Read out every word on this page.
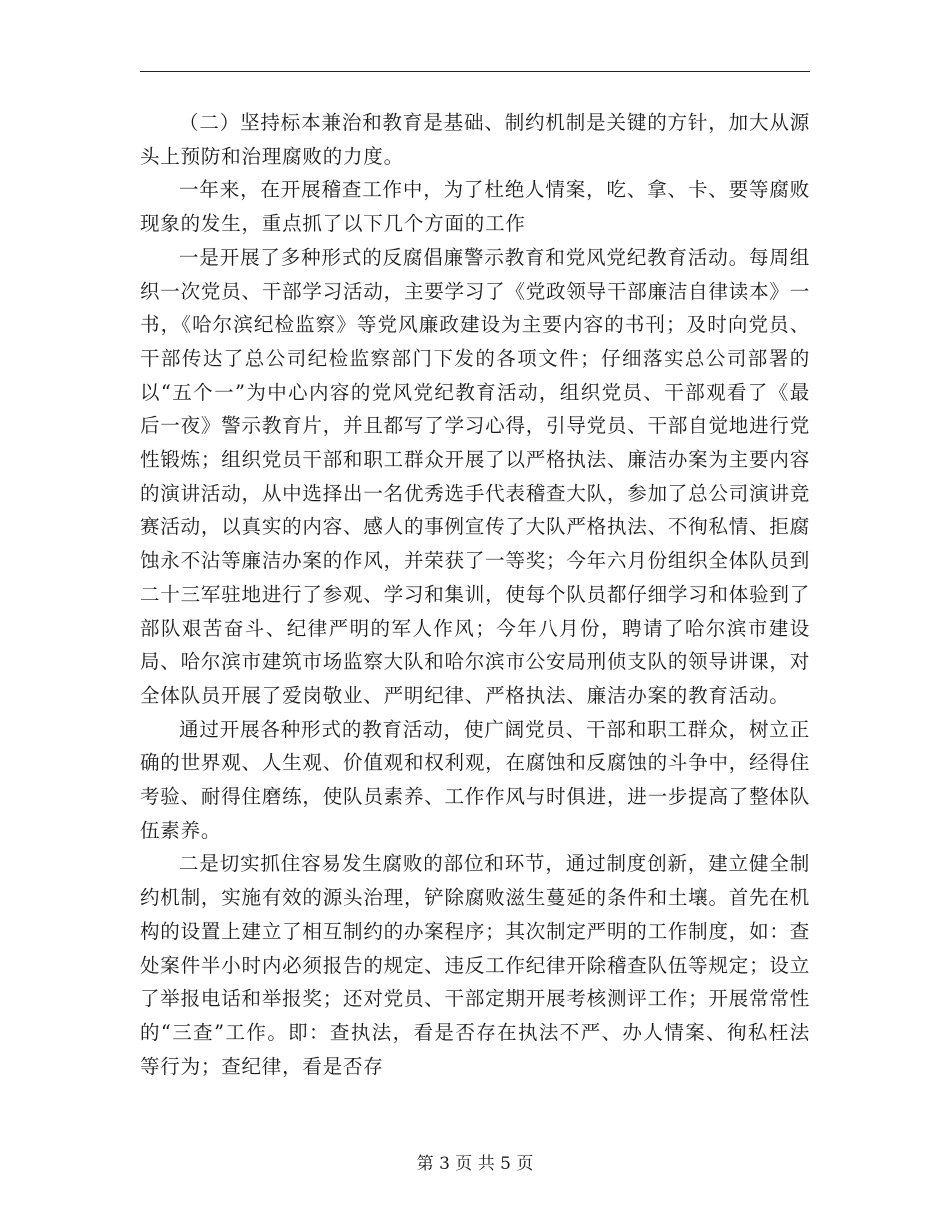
（二）坚持标本兼治和教育是基础、制约机制是关键的方针，加大从源头上预防和治理腐败的力度。

一年来，在开展稽查工作中，为了杜绝人情案，吃、拿、卡、要等腐败现象的发生，重点抓了以下几个方面的工作

一是开展了多种形式的反腐倡廉警示教育和党风党纪教育活动。每周组织一次党员、干部学习活动，主要学习了《党政领导干部廉洁自律读本》一书，《哈尔滨纪检监察》等党风廉政建设为主要内容的书刊；及时向党员、干部传达了总公司纪检监察部门下发的各项文件；仔细落实总公司部署的以“五个一”为中心内容的党风党纪教育活动，组织党员、干部观看了《最后一夜》警示教育片，并且都写了学习心得，引导党员、干部自觉地进行党性锻炼；组织党员干部和职工群众开展了以严格执法、廉洁办案为主要内容的演讲活动，从中选择出一名优秀选手代表稽查大队，参加了总公司演讲竞赛活动，以真实的内容、感人的事例宣传了大队严格执法、不徇私情、拒腐蚀永不沾等廉洁办案的作风，并荣获了一等奖；今年六月份组织全体队员到二十三军驻地进行了参观、学习和集训，使每个队员都仔细学习和体验到了部队艰苦奋斗、纪律严明的军人作风；今年八月份，聘请了哈尔滨市建设局、哈尔滨市建筑市场监察大队和哈尔滨市公安局刑侦支队的领导讲课，对全体队员开展了爱岗敬业、严明纪律、严格执法、廉洁办案的教育活动。

通过开展各种形式的教育活动，使广阔党员、干部和职工群众，树立正确的世界观、人生观、价值观和权利观，在腐蚀和反腐蚀的斗争中，经得住考验、耐得住磨练，使队员素养、工作作风与时俱进，进一步提高了整体队伍素养。

二是切实抓住容易发生腐败的部位和环节，通过制度创新，建立健全制约机制，实施有效的源头治理，铲除腐败滋生蔓延的条件和土壤。首先在机构的设置上建立了相互制约的办案程序；其次制定严明的工作制度，如：查处案件半小时内必须报告的规定、违反工作纪律开除稽查队伍等规定；设立了举报电话和举报奖；还对党员、干部定期开展考核测评工作；开展常常性的“三查”工作。即：查执法，看是否存在执法不严、办人情案、徇私枉法等行为；查纪律，看是否存

第 3 页 共 5 页
